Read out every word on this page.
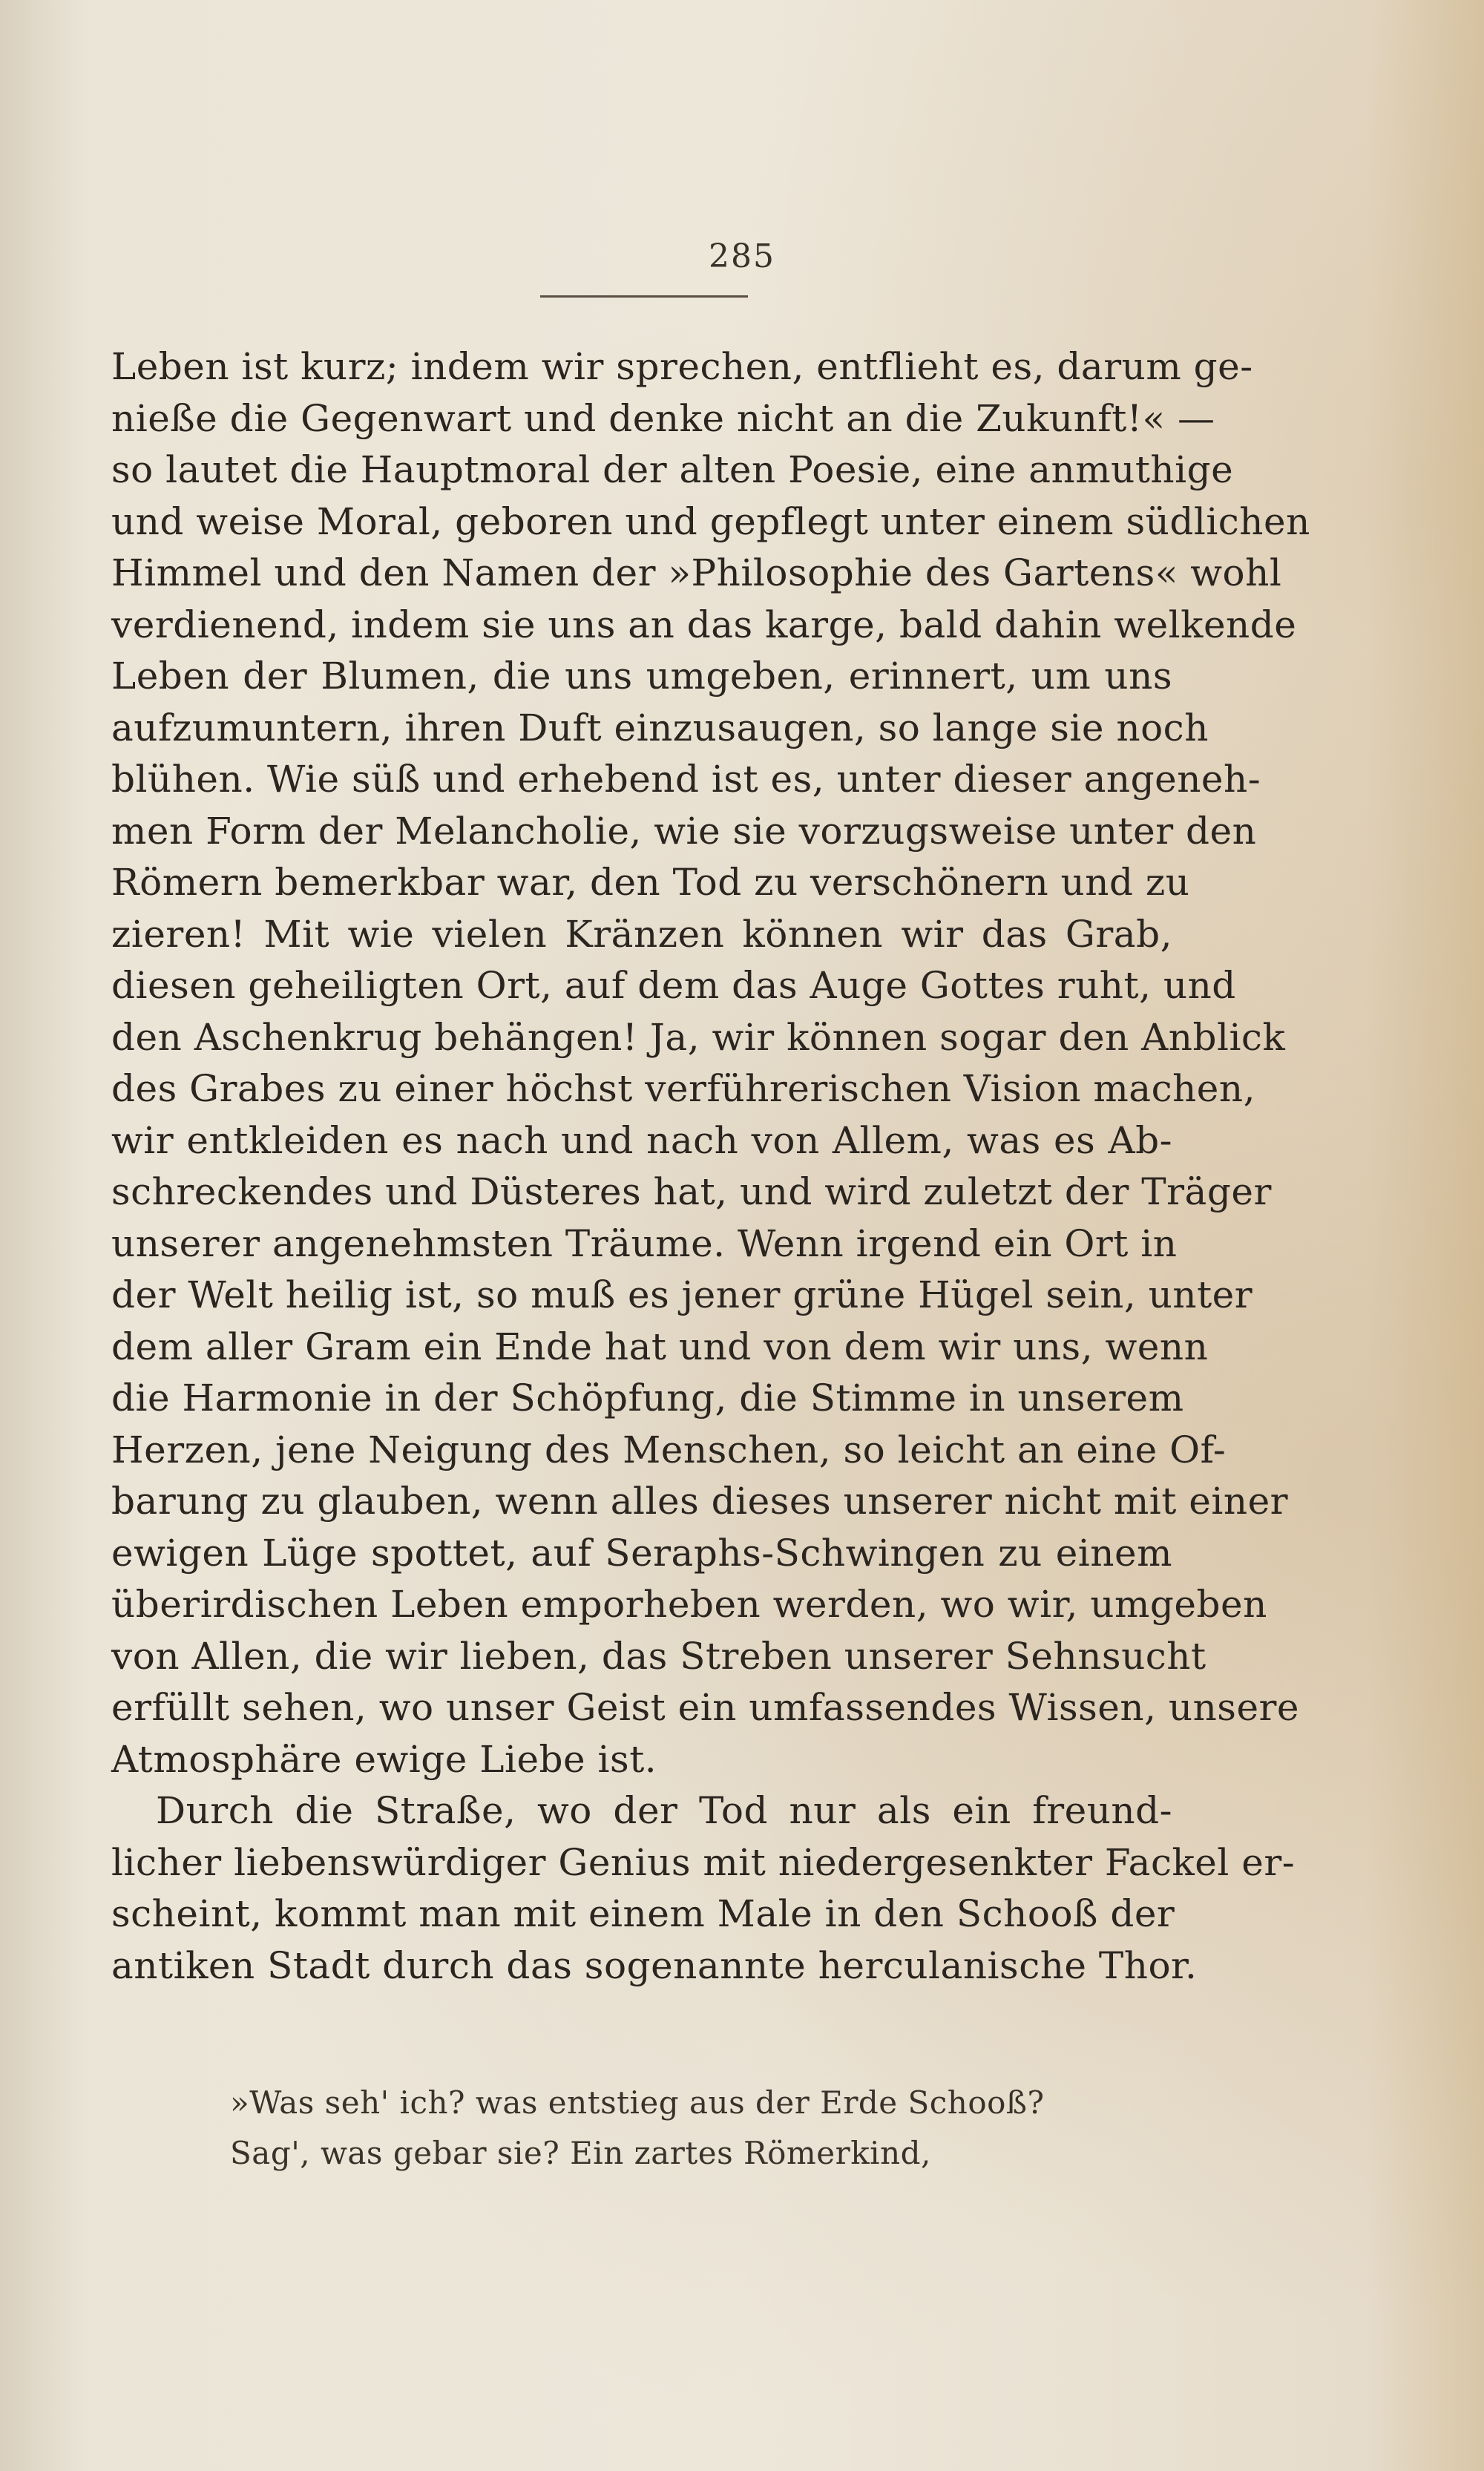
285
Leben ist kurz; indem wir sprechen, entflieht es, darum ge-
nieße die Gegenwart und denke nicht an die Zukunft!« —
so lautet die Hauptmoral der alten Poesie, eine anmuthige
und weise Moral, geboren und gepflegt unter einem südlichen
Himmel und den Namen der »Philosophie des Gartens« wohl
verdienend, indem sie uns an das karge, bald dahin welkende
Leben der Blumen, die uns umgeben, erinnert, um uns
aufzumuntern, ihren Duft einzusaugen, so lange sie noch
blühen. Wie süß und erhebend ist es, unter dieser angeneh-
men Form der Melancholie, wie sie vorzugsweise unter den
Römern bemerkbar war, den Tod zu verschönern und zu
zieren! Mit wie vielen Kränzen können wir das Grab,
diesen geheiligten Ort, auf dem das Auge Gottes ruht, und
den Aschenkrug behängen! Ja, wir können sogar den Anblick
des Grabes zu einer höchst verführerischen Vision machen,
wir entkleiden es nach und nach von Allem, was es Ab-
schreckendes und Düsteres hat, und wird zuletzt der Träger
unserer angenehmsten Träume. Wenn irgend ein Ort in
der Welt heilig ist, so muß es jener grüne Hügel sein, unter
dem aller Gram ein Ende hat und von dem wir uns, wenn
die Harmonie in der Schöpfung, die Stimme in unserem
Herzen, jene Neigung des Menschen, so leicht an eine Of-
barung zu glauben, wenn alles dieses unserer nicht mit einer
ewigen Lüge spottet, auf Seraphs-Schwingen zu einem
überirdischen Leben emporheben werden, wo wir, umgeben
von Allen, die wir lieben, das Streben unserer Sehnsucht
erfüllt sehen, wo unser Geist ein umfassendes Wissen, unsere
Atmosphäre ewige Liebe ist.
Durch die Straße, wo der Tod nur als ein freund-
licher liebenswürdiger Genius mit niedergesenkter Fackel er-
scheint, kommt man mit einem Male in den Schooß der
antiken Stadt durch das sogenannte herculanische Thor.
»Was seh' ich? was entstieg aus der Erde Schooß?
Sag', was gebar sie? Ein zartes Römerkind,
